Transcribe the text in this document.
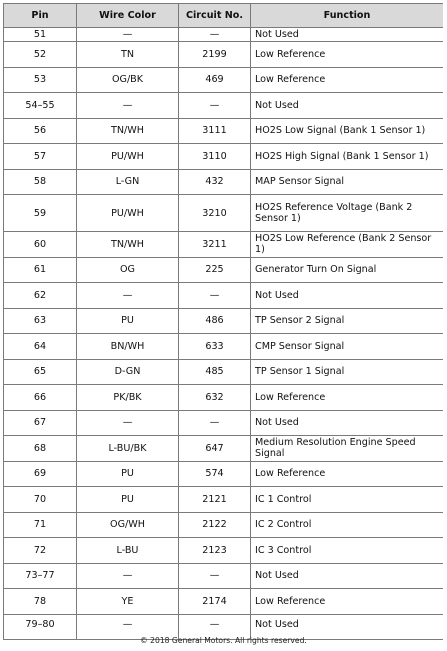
Pin	Wire Color	Circuit No.	Function
51	—	—	Not Used
52	TN	2199	Low Reference
53	OG/BK	469	Low Reference
54–55	—	—	Not Used
56	TN/WH	3111	HO2S Low Signal (Bank 1 Sensor 1)
57	PU/WH	3110	HO2S High Signal (Bank 1 Sensor 1)
58	L-GN	432	MAP Sensor Signal
59	PU/WH	3210	HO2S Reference Voltage (Bank 2 Sensor 1)
60	TN/WH	3211	HO2S Low Reference (Bank 2 Sensor 1)
61	OG	225	Generator Turn On Signal
62	—	—	Not Used
63	PU	486	TP Sensor 2 Signal
64	BN/WH	633	CMP Sensor Signal
65	D-GN	485	TP Sensor 1 Signal
66	PK/BK	632	Low Reference
67	—	—	Not Used
68	L-BU/BK	647	Medium Resolution Engine Speed Signal
69	PU	574	Low Reference
70	PU	2121	IC 1 Control
71	OG/WH	2122	IC 2 Control
72	L-BU	2123	IC 3 Control
73–77	—	—	Not Used
78	YE	2174	Low Reference
79–80	—	—	Not Used
© 2018 General Motors. All rights reserved.
